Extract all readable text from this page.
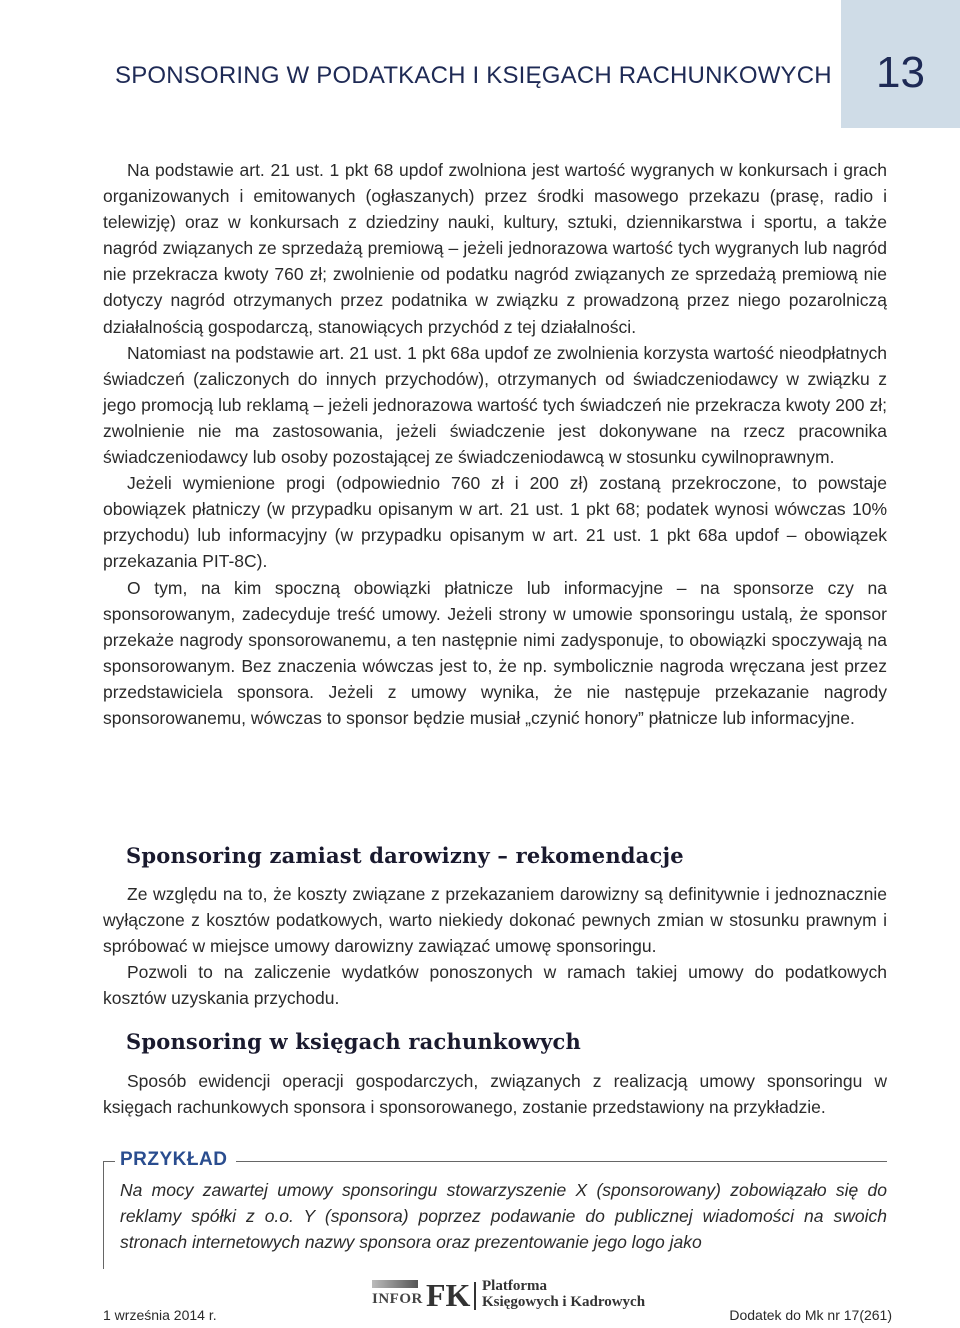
SPONSORING W PODATKACH I KSIĘGACH RACHUNKOWYCH	13

Na podstawie art. 21 ust. 1 pkt 68 updof zwolniona jest wartość wygranych w konkursach i grach organizowanych i emitowanych (ogłaszanych) przez środki masowego przekazu (prasę, radio i telewizję) oraz w konkursach z dziedziny nauki, kultury, sztuki, dziennikarstwa i sportu, a także nagród związanych ze sprzedażą premiową – jeżeli jednorazowa wartość tych wygranych lub nagród nie przekracza kwoty 760 zł; zwolnienie od podatku nagród związanych ze sprzedażą premiową nie dotyczy nagród otrzymanych przez podatnika w związku z prowadzoną przez niego pozarolniczą działalnością gospodarczą, stanowiących przychód z tej działalności.

Natomiast na podstawie art. 21 ust. 1 pkt 68a updof ze zwolnienia korzysta wartość nieodpłatnych świadczeń (zaliczonych do innych przychodów), otrzymanych od świadczeniodawcy w związku z jego promocją lub reklamą – jeżeli jednorazowa wartość tych świadczeń nie przekracza kwoty 200 zł; zwolnienie nie ma zastosowania, jeżeli świadczenie jest dokonywane na rzecz pracownika świadczeniodawcy lub osoby pozostającej ze świadczeniodawcą w stosunku cywilnoprawnym.

Jeżeli wymienione progi (odpowiednio 760 zł i 200 zł) zostaną przekroczone, to powstaje obowiązek płatniczy (w przypadku opisanym w art. 21 ust. 1 pkt 68; podatek wynosi wówczas 10% przychodu) lub informacyjny (w przypadku opisanym w art. 21 ust. 1 pkt 68a updof – obowiązek przekazania PIT-8C).

O tym, na kim spoczną obowiązki płatnicze lub informacyjne – na sponsorze czy na sponsorowanym, zadecyduje treść umowy. Jeżeli strony w umowie sponsoringu ustalą, że sponsor przekaże nagrody sponsorowanemu, a ten następnie nimi zadysponuje, to obowiązki spoczywają na sponsorowanym. Bez znaczenia wówczas jest to, że np. symbolicznie nagroda wręczana jest przez przedstawiciela sponsora. Jeżeli z umowy wynika, że nie następuje przekazanie nagrody sponsorowanemu, wówczas to sponsor będzie musiał „czynić honory” płatnicze lub informacyjne.

Sponsoring zamiast darowizny – rekomendacje

Ze względu na to, że koszty związane z przekazaniem darowizny są definitywnie i jednoznacznie wyłączone z kosztów podatkowych, warto niekiedy dokonać pewnych zmian w stosunku prawnym i spróbować w miejsce umowy darowizny zawiązać umowę sponsoringu.

Pozwoli to na zaliczenie wydatków ponoszonych w ramach takiej umowy do podatkowych kosztów uzyskania przychodu.

Sponsoring w księgach rachunkowych

Sposób ewidencji operacji gospodarczych, związanych z realizacją umowy sponsoringu w księgach rachunkowych sponsora i sponsorowanego, zostanie przedstawiony na przykładzie.

PRZYKŁAD
Na mocy zawartej umowy sponsoringu stowarzyszenie X (sponsorowany) zobowiązało się do reklamy spółki z o.o. Y (sponsora) poprzez podawanie do publicznej wiadomości na swoich stronach internetowych nazwy sponsora oraz prezentowanie jego logo jako
INFOR FK Platforma
Księgowych i Kadrowych
1 września 2014 r.	Dodatek do Mk nr 17(261)
